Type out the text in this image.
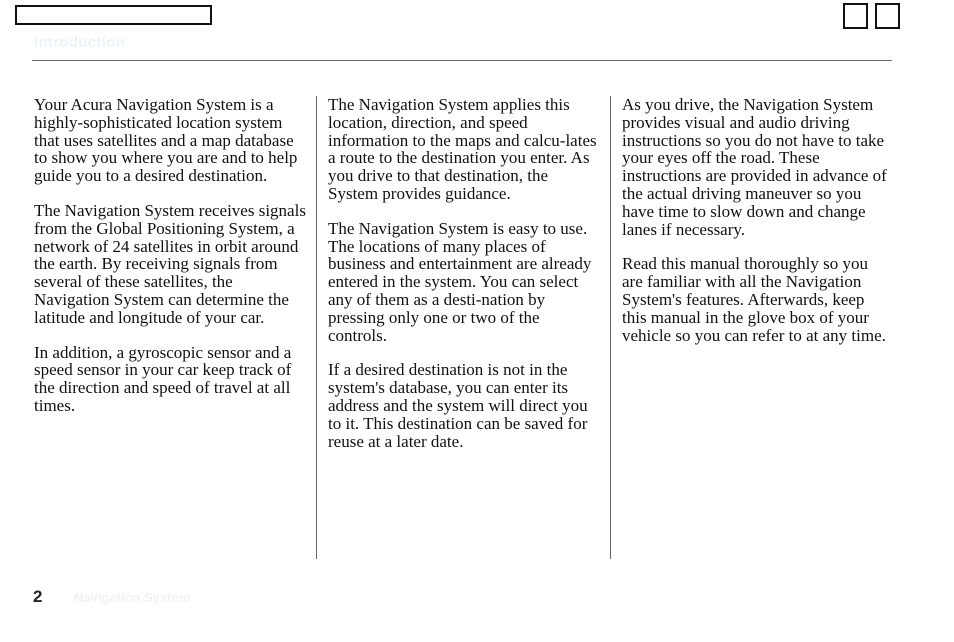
Introduction

Your Acura Navigation System is a highly-sophisticated location system that uses satellites and a map database to show you where you are and to help guide you to a desired destination.

The Navigation System receives signals from the Global Positioning System, a network of 24 satellites in orbit around the earth. By receiving signals from several of these satellites, the Navigation System can determine the latitude and longitude of your car.

In addition, a gyroscopic sensor and a speed sensor in your car keep track of the direction and speed of travel at all times.

The Navigation System applies this location, direction, and speed information to the maps and calcu-lates a route to the destination you enter. As you drive to that destination, the System provides guidance.

The Navigation System is easy to use. The locations of many places of business and entertainment are already entered in the system. You can select any of them as a desti-nation by pressing only one or two of the controls.

If a desired destination is not in the system's database, you can enter its address and the system will direct you to it. This destination can be saved for reuse at a later date.

As you drive, the Navigation System provides visual and audio driving instructions so you do not have to take your eyes off the road. These instructions are provided in advance of the actual driving maneuver so you have time to slow down and change lanes if necessary.

Read this manual thoroughly so you are familiar with all the Navigation System's features. Afterwards, keep this manual in the glove box of your vehicle so you can refer to at any time.

2 Navigation System
